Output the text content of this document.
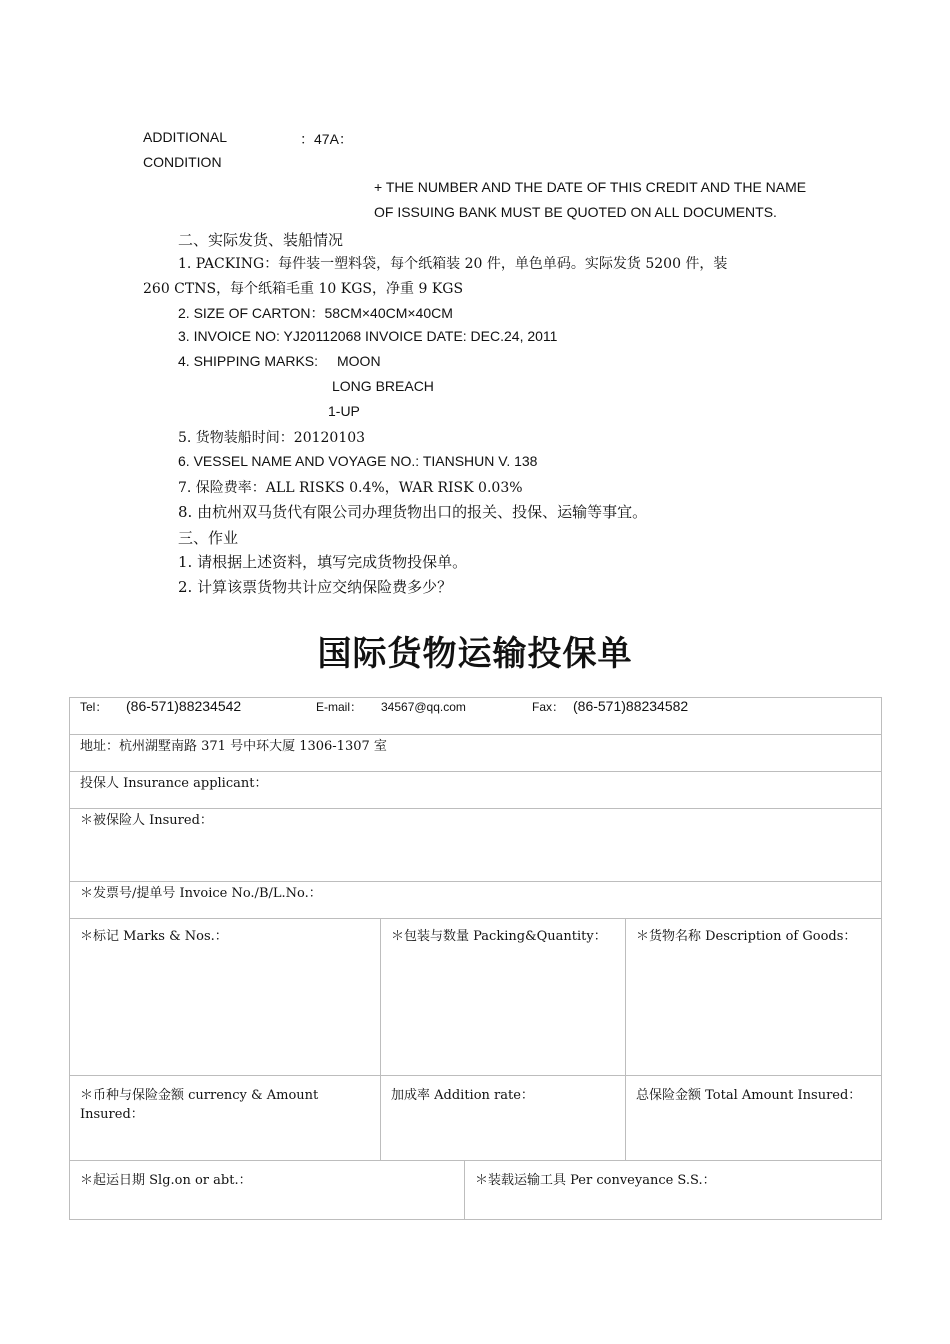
ADDITIONAL
CONDITION
：47A：
+ THE NUMBER AND THE DATE OF THIS CREDIT AND THE NAME
OF ISSUING BANK MUST BE QUOTED ON ALL DOCUMENTS.
二、实际发货、装船情况
1. PACKING：每件装一塑料袋，每个纸箱装 20 件，单色单码。实际发货 5200 件，装
260 CTNS，每个纸箱毛重 10 KGS，净重 9 KGS
2. SIZE OF CARTON：58CM×40CM×40CM
3. INVOICE NO: YJ20112068 INVOICE DATE: DEC.24, 2011
4. SHIPPING MARKS: MOON
LONG BREACH
1-UP
5. 货物装船时间：20120103
6. VESSEL NAME AND VOYAGE NO.: TIANSHUN V. 138
7. 保险费率：ALL RISKS 0.4%，WAR RISK 0.03%
8. 由杭州双马货代有限公司办理货物出口的报关、投保、运输等事宜。
三、作业
1. 请根据上述资料，填写完成货物投保单。
2. 计算该票货物共计应交纳保险费多少？
国际货物运输投保单
Tel： (86-571)88234542 E-mail： 34567@qq.com Fax： (86-571)88234582			
地址：杭州湖墅南路 371 号中环大厦 1306-1307 室			
投保人 Insurance applicant：			
＊被保险人 Insured：			
＊发票号/提单号 Invoice No./B/L.No.：			
＊标记 Marks & Nos.：	＊包装与数量 Packing&Quantity：		＊货物名称 Description of Goods：
＊币种与保险金额 currency & Amount Insured：	加成率 Addition rate：		总保险金额 Total Amount Insured：
＊起运日期 Slg.on or abt.：		＊装载运输工具 Per conveyance S.S.：	
